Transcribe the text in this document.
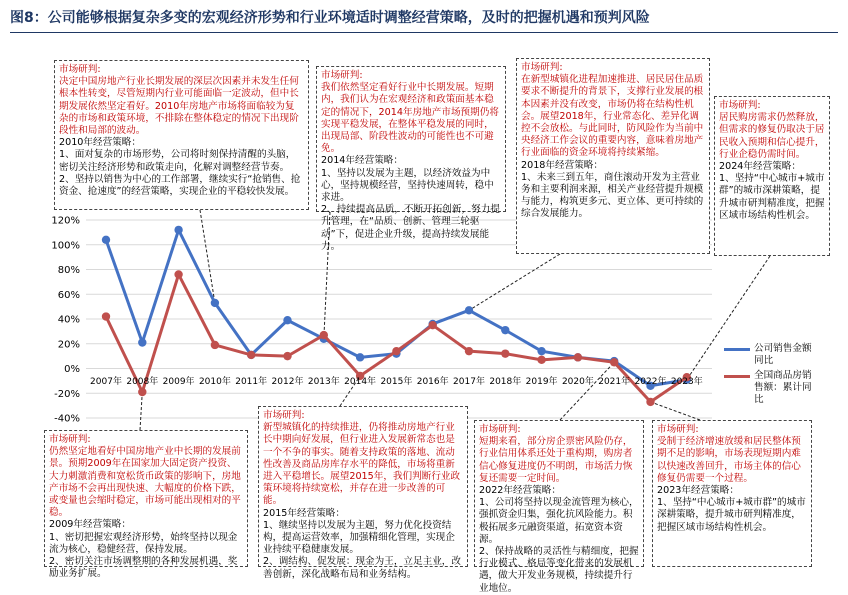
图8：公司能够根据复杂多变的宏观经济形势和行业环境适时调整经营策略，及时的把握机遇和预判风险
-40%
-20%
0%
20%
40%
60%
80%
100%
120%
2007年 2008年 2009年 2010年 2011年 2012年 2013年 2014年 2015年 2016年 2017年 2018年 2019年 2020年 2021年 2022年 2023年
市场研判:

决定中国房地产行业长期发展的深层次因素并未发生任何根本性转变，尽管短期内行业可能面临一定波动，但中长期发展依然坚定看好。2010年房地产市场将面临较为复杂的市场和政策环境，不排除在整体稳定的情况下出现阶段性和局部的波动。

2010年经营策略：

1、面对复杂的市场形势，公司将时刻保持清醒的头脑，密切关注经济形势和政策走向，化解对调整经营节奏。

2、坚持以销售为中心的工作部署，继续实行“抢销售、抢资金、抢速度”的经营策略，实现企业的平稳较快发展。

市场研判:

我们依然坚定看好行业中长期发展。短期内，我们认为在宏观经济和政策面基本稳定的情况下，2014年房地产市场预期仍将实现平稳发展，在整体平稳发展的同时，出现局部、阶段性波动的可能性也不可避免。

2014年经营策略：

1、坚持以发展为主题，以经济效益为中心，坚持规模经营，坚持快速周转，稳中求进。

2、持续提高品质，不断开拓创新，努力提升管理，在“品质、创新、管理三轮驱动”下，促进企业升级，提高持续发展能力。

市场研判:

在新型城镇化进程加速推进、居民居住品质要求不断提升的背景下，支撑行业发展的根本因素并没有改变，市场仍将在结构性机会。展望2018年，行业常态化、差异化调控不会放松。与此同时，防风险作为当前中央经济工作会议的重要内容，意味着房地产行业面临的资金环境将持续紧缩。

2018年经营策略：

1、未来三到五年，商住滚动开发为主营业务和主要利润来源，相关产业经营提升规模与能力，构筑更多元、更立体、更可持续的综合发展能力。

市场研判:

居民购房需求仍然释放，但需求的修复仍取决于居民收入预期和信心提升，行业企稳仍需时间。

2024年经营策略：

1、坚持“中心城市+城市群”的城市深耕策略，提升城市研判精准度，把握区域市场结构性机会。

市场研判:

仍然坚定地看好中国房地产业中长期的发展前景。预期2009年在国家加大固定资产投资、大力刺激消费和宽松货币政策的影响下，房地产市场不会再出现快速、大幅度的价格下跌，或变量也会缩时稳定，市场可能出现相对的平稳。

2009年经营策略：

1、密切把握宏观经济形势，始终坚持以现金流为核心，稳健经营，保持发展。

2、密切关注市场调整期的各种发展机遇，奖励业务扩展。

市场研判:

新型城镇化的持续推进，仍将推动房地产行业长中期向好发展，但行业进入发展新常态也是一个不争的事实。随着支持政策的落地、流动性改善及商品房库存水平的降低，市场将重新进入平稳增长。展望2015年，我们判断行业政策环境将持续宽松，并存在进一步改善的可能。

2015年经营策略：

1、继续坚持以发展为主题，努力优化投资结构，提高运营效率，加强精细化管理，实现企业持续平稳健康发展。

2、调结构、促发展：现金为王，立足主业，改善创新，深化战略布局和业务结构。

市场研判:

短期来看，部分房企票密风险仍存，行业信用体系还处于重构期，购房者信心修复进度仍不明朗，市场活力恢复还需要一定时间。

2022年经营策略：

1、公司将坚持以现金流管理为核心，强抓资金归集，强化抗风险能力。积极拓展多元融资渠道，拓宽资本资源。

2、保持战略的灵活性与精细度，把握行业模式、格局等变化带来的发展机遇，做大开发业务规模，持续提升行业地位。

市场研判:

受制于经济增速放缓和居民整体预期不足的影响，市场表现短期内难以快速改善回升，市场主体的信心修复仍需要一个过程。

2023年经营策略：

1、坚持“中心城市+城市群”的城市深耕策略，提升城市研判精准度，把握区域市场结构性机会。

公司销售金额同比
全国商品房销售额：累计同比
